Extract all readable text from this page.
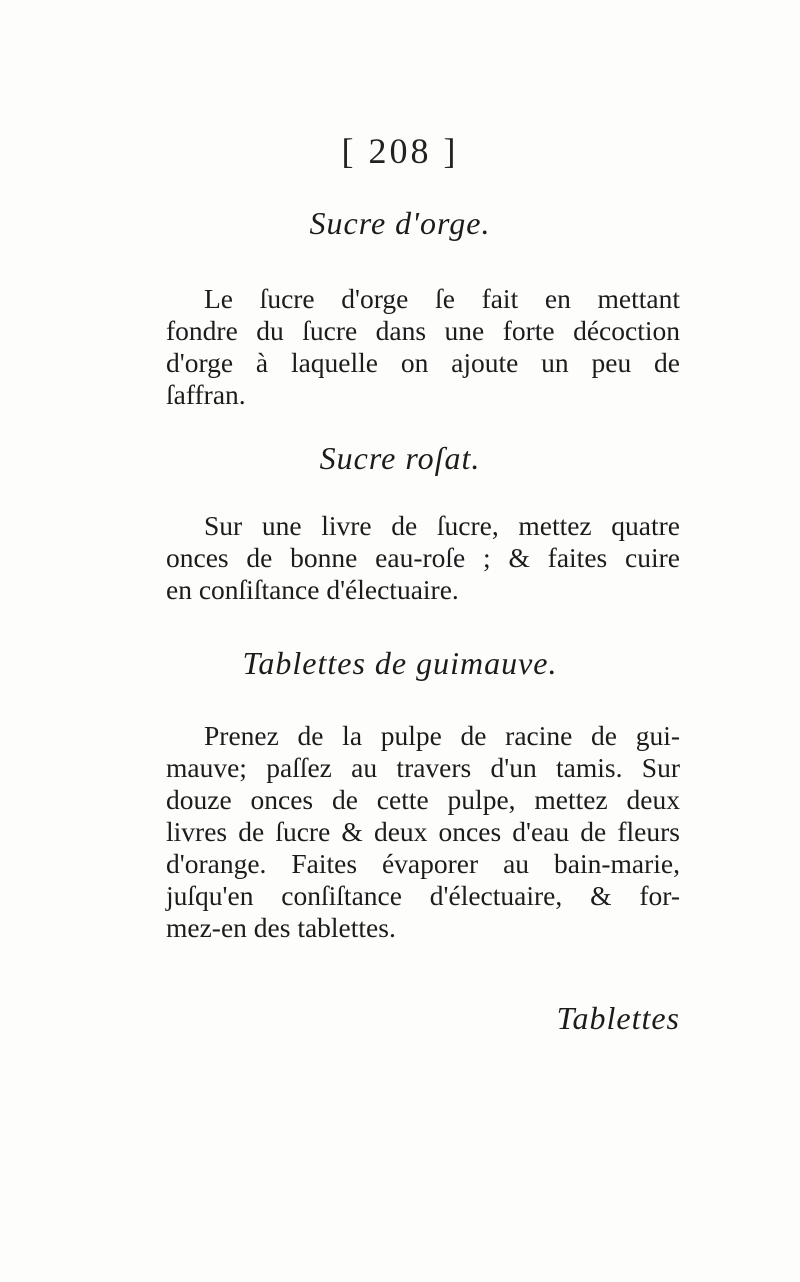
[ 208 ]
Sucre d'orge.
Le ſucre d'orge ſe fait en mettant
fondre du ſucre dans une forte décoction
d'orge à laquelle on ajoute un peu de
ſaffran.
Sucre roſat.
Sur une livre de ſucre, mettez quatre
onces de bonne eau-roſe ; & faites cuire
en conſiſtance d'électuaire.
Tablettes de guimauve.
Prenez de la pulpe de racine de gui-
mauve; paſſez au travers d'un tamis. Sur
douze onces de cette pulpe, mettez deux
livres de ſucre & deux onces d'eau de fleurs
d'orange. Faites évaporer au bain-marie,
juſqu'en conſiſtance d'électuaire, & for-
mez-en des tablettes.
Tablettes
